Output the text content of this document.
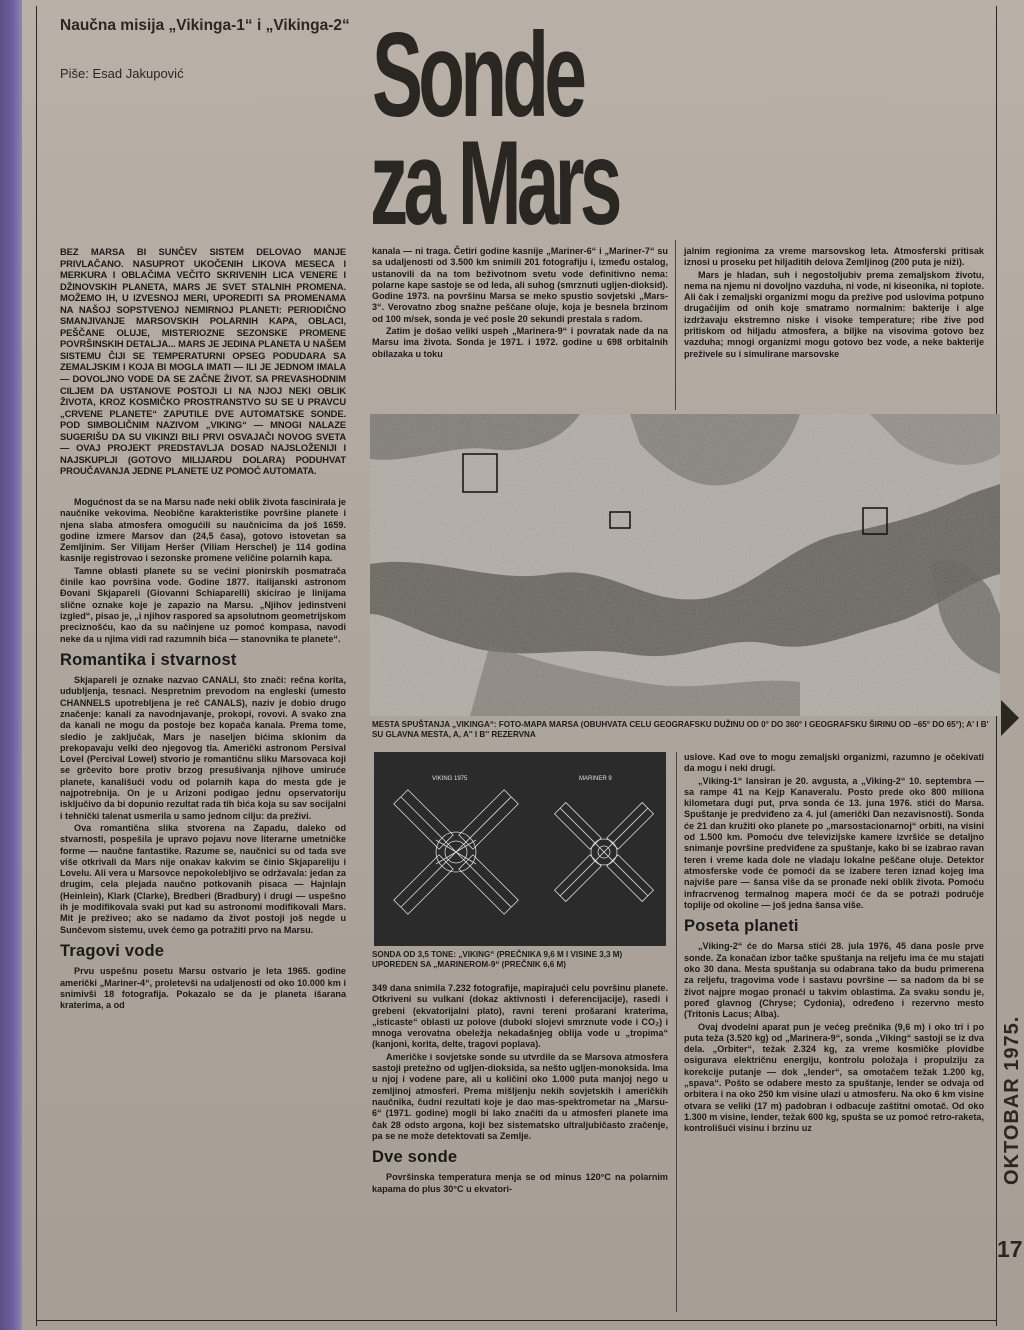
Naučna misija „Vikinga-1“ i „Vikinga-2“
Piše: Esad Jakupović Sonde
za Mars
BEZ MARSA BI SUNČEV SISTEM DELOVAO MANJE PRIVLAČANO. NASUPROT UKOČENIH LIKOVA MESECA I MERKURA I OBLAČIMA VEČITO SKRIVENIH LICA VENERE I DŽINOVSKIH PLANETA, MARS JE SVET STALNIH PROMENA. MOŽEMO IH, U IZVESNOJ MERI, UPOREDITI SA PROMENAMA NA NAŠOJ SOPSTVENOJ NEMIRNOJ PLANETI: PERIODIČNO SMANJIVANJE MARSOVSKIH POLARNIH KAPA, OBLACI, PEŠČANE OLUJE, MISTERIOZNE SEZONSKE PROMENE POVRŠINSKIH DETALJA... MARS JE JEDINA PLANETA U NAŠEM SISTEMU ČIJI SE TEMPERATURNI OPSEG PODUDARA SA ZEMALJSKIM I KOJA BI MOGLA IMATI — ILI JE JEDNOM IMALA — DOVOLJNO VODE DA SE ZAČNE ŽIVOT. SA PREVASHODNIM CILJEM DA USTANOVE POSTOJI LI NA NJOJ NEKI OBLIK ŽIVOTA, KROZ KOSMIČKO PROSTRANSTVO SU SE U PRAVCU „CRVENE PLANETE“ ZAPUTILE DVE AUTOMATSKE SONDE. POD SIMBOLIČNIM NAZIVOM „VIKING“ — MNOGI NALAZE SUGERIŠU DA SU VIKINZI BILI PRVI OSVAJAČI NOVOG SVETA — OVAJ PROJEKT PREDSTAVLJA DOSAD NAJSLOŽENIJI I NAJSKUPLJI (GOTOVO MILIJARDU DOLARA) PODUHVAT PROUČAVANJA JEDNE PLANETE UZ POMOĆ AUTOMATA.

Mogućnost da se na Marsu nađe neki oblik života fascinirala je naučnike vekovima. Neobične karakteristike površine planete i njena slaba atmosfera omogućili su naučnicima da još 1659. godine izmere Marsov dan (24,5 časa), gotovo istovetan sa Zemljinim. Ser Vilijam Heršer (Viliam Herschel) je 114 godina kasnije registrovao i sezonske promene veličine polarnih kapa.

Tamne oblasti planete su se većini pionirskih posmatrača činile kao površina vode. Godine 1877. italijanski astronom Đovani Skjapareli (Giovanni Schiaparelli) skicirao je linijama slične oznake koje je zapazio na Marsu. „Njihov jedinstveni izgled“, pisao je, „i njihov raspored sa apsolutnom geometrijskom preciznošću, kao da su načinjene uz pomoć kompasa, navodi neke da u njima vidi rad razumnih bića — stanovnika te planete“.

Romantika i stvarnost

Skjapareli je oznake nazvao CANALI, što znači: rečna korita, udubljenja, tesnaci. Nespretnim prevodom na engleski (umesto CHANNELS upotrebljena je reč CANALS), naziv je dobio drugo značenje: kanali za navodnjavanje, prokopi, rovovi. A svako zna da kanali ne mogu da postoje bez kopača kanala. Prema tome, sledio je zaključak, Mars je naseljen bićima sklonim da prekopavaju velki deo njegovog tla. Američki astronom Persival Lovel (Percival Lowel) stvorio je romantičnu sliku Marsovaca koji se grčevito bore protiv brzog presušivanja njihove umiruće planete, kanališući vodu od polarnih kapa do mesta gde je najpotrebnija. On je u Arizoni podigao jednu opservatoriju isključivo da bi dopunio rezultat rada tih bića koja su sav socijalni i tehnički talenat usmerila u samo jednom cilju: da preživi.

Ova romantična slika stvorena na Zapadu, daleko od stvarnosti, pospešila je upravo pojavu nove literarne umetničke forme — naučne fantastike. Razume se, naučnici su od tada sve više otkrivali da Mars nije onakav kakvim se činio Skjapareliju i Lovelu. Ali vera u Marsovce nepokolebljivo se održavala: jedan za drugim, cela plejada naučno potkovanih pisaca — Hajnlajn (Heinlein), Klark (Clarke), Bredberi (Bradbury) i drugi — uspešno ih je modifikovala svaki put kad su astronomi modifikovali Mars. Mit je preživeo; ako se nadamo da život postoji još negde u Sunčevom sistemu, uvek ćemo ga potražiti prvo na Marsu.

Tragovi vode

Prvu uspešnu posetu Marsu ostvario je leta 1965. godine američki „Mariner-4“, proletevši na udaljenosti od oko 10.000 km i snimivši 18 fotografija. Pokazalo se da je planeta išarana kraterima, a od

kanala — ni traga. Četiri godine kasnije „Mariner-6“ i „Mariner-7“ su sa udaljenosti od 3.500 km snimili 201 fotografiju i, između ostalog, ustanovili da na tom beživotnom svetu vode definitivno nema: polarne kape sastoje se od leda, ali suhog (smrznuti ugljen-dioksid). Godine 1973. na površinu Marsa se meko spustio sovjetski „Mars-3“. Verovatno zbog snažne peščane oluje, koja je besnela brzinom od 100 m/sek, sonda je već posle 20 sekundi prestala s radom.

Zatim je došao veliki uspeh „Marinera-9“ i povratak nade da na Marsu ima života. Sonda je 1971. i 1972. godine u 698 orbitalnih obilazaka u toku

jalnim regionima za vreme marsovskog leta. Atmosferski pritisak iznosi u proseku pet hiljaditih delova Zemljinog (200 puta je niži).

Mars je hladan, suh i negostoljubiv prema zemaljskom životu, nema na njemu ni dovoljno vazduha, ni vode, ni kiseonika, ni toplote. Ali čak i zemaljski organizmi mogu da prežive pod uslovima potpuno drugačijim od onih koje smatramo normalnim: bakterije i alge izdržavaju ekstremno niske i visoke temperature; ribe žive pod pritiskom od hiljadu atmosfera, a biljke na visovima gotovo bez vazduha; mnogi organizmi mogu gotovo bez vode, a neke bakterije preživele su i simulirane marsovske

MESTA SPUŠTANJA „VIKINGA“: FOTO-MAPA MARSA (OBUHVATA CELU GEOGRAFSKU DUŽINU OD 0° DO 360° I GEOGRAFSKU ŠIRINU OD –65° DO 65°); A' I B' SU GLAVNA MESTA, A, A'' I B'' REZERVNA
VIKING 1975	MARINER 9
SONDA OD 3,5 TONE: „VIKING“ (PREČNIKA 9,6 M I VISINE 3,3 M) UPOREDEN SA „MARINEROM-9“ (PREČNIK 6,6 M)

349 dana snimila 7.232 fotografije, mapirajući celu površinu planete. Otkriveni su vulkani (dokaz aktivnosti i deferencijacije), rasedi i grebeni (ekvatorijalni plato), ravni tereni prošarani kraterima, „isticaste“ oblasti uz polove (duboki slojevi smrznute vode i CO₂) i mnoga verovatna obeležja nekadašnjeg oblija vode u „tropima“ (kanjoni, korita, delte, tragovi poplava).

Američke i sovjetske sonde su utvrdile da se Marsova atmosfera sastoji pretežno od ugljen-dioksida, sa nešto ugljen-monoksida. Ima u njoj i vodene pare, ali u količini oko 1.000 puta manjoj nego u zemljinoj atmosferi. Prema mišljenju nekih sovjetskih i američkih naučnika, čudni rezultati koje je dao mas-spektrometar na „Marsu-6“ (1971. godine) mogli bi lako značiti da u atmosferi planete ima čak 28 odsto argona, koji bez sistematsko ultraljubičasto zračenje, pa se ne može detektovati sa Zemlje.

Dve sonde

Površinska temperatura menja se od minus 120°C na polarnim kapama do plus 30°C u ekvatori-

uslove. Kad ove to mogu zemaljski organizmi, razumno je očekivati da mogu i neki drugi.

„Viking-1“ lansiran je 20. avgusta, a „Viking-2“ 10. septembra — sa rampe 41 na Kejp Kanaveralu. Posto prede oko 800 miliona kilometara dugi put, prva sonda će 13. juna 1976. stići do Marsa. Spuštanje je predviđeno za 4. jul (američki Dan nezavisnosti). Sonda će 21 dan kružiti oko planete po „marsostacionarnoj“ orbiti, na visini od 1.500 km. Pomoću dve televizijske kamere izvršiće se detaljno snimanje površine predviđene za spuštanje, kako bi se izabrao ravan teren i vreme kada dole ne vladaju lokalne peščane oluje. Detektor atmosferske vode će pomoći da se izabere teren iznad kojeg ima najviše pare — šansa više da se pronađe neki oblik života. Pomoću infracrvenog termalnog mapera moći će da se potraži područje toplije od okoline — još jedna šansa više.

Poseta planeti

„Viking-2“ će do Marsa stići 28. jula 1976, 45 dana posle prve sonde. Za konačan izbor tačke spuštanja na reljefu ima će mu stajati oko 30 dana. Mesta spuštanja su odabrana tako da budu primerena za reljefu, tragovima vode i sastavu površine — sa nadom da bi se život najpre mogao pronaći u takvim oblastima. Za svaku sondu je, poređ glavnog (Chryse; Cydonia), određeno i rezervno mesto (Tritonis Lacus; Alba).

Ovaj dvodelni aparat pun je većeg prečnika (9,6 m) i oko tri i po puta teža (3.520 kg) od „Marinera-9“, sonda „Viking“ sastoji se iz dva dela. „Orbiter“, težak 2.324 kg, za vreme kosmičke plovidbe osigurava električnu energiju, kontrolu položaja i propulziju za korekcije putanje — dok „lender“, sa omotačem težak 1.200 kg, „spava“. Pošto se odabere mesto za spuštanje, lender se odvaja od orbitera i na oko 250 km visine ulazi u atmosferu. Na oko 6 km visine otvara se veliki (17 m) padobran i odbacuje zaštitni omotač. Od oko 1.300 m visine, lender, težak 600 kg, spušta se uz pomoć retro-raketa, kontrolišući visinu i brzinu uz	OKTOBAR 1975.
17
